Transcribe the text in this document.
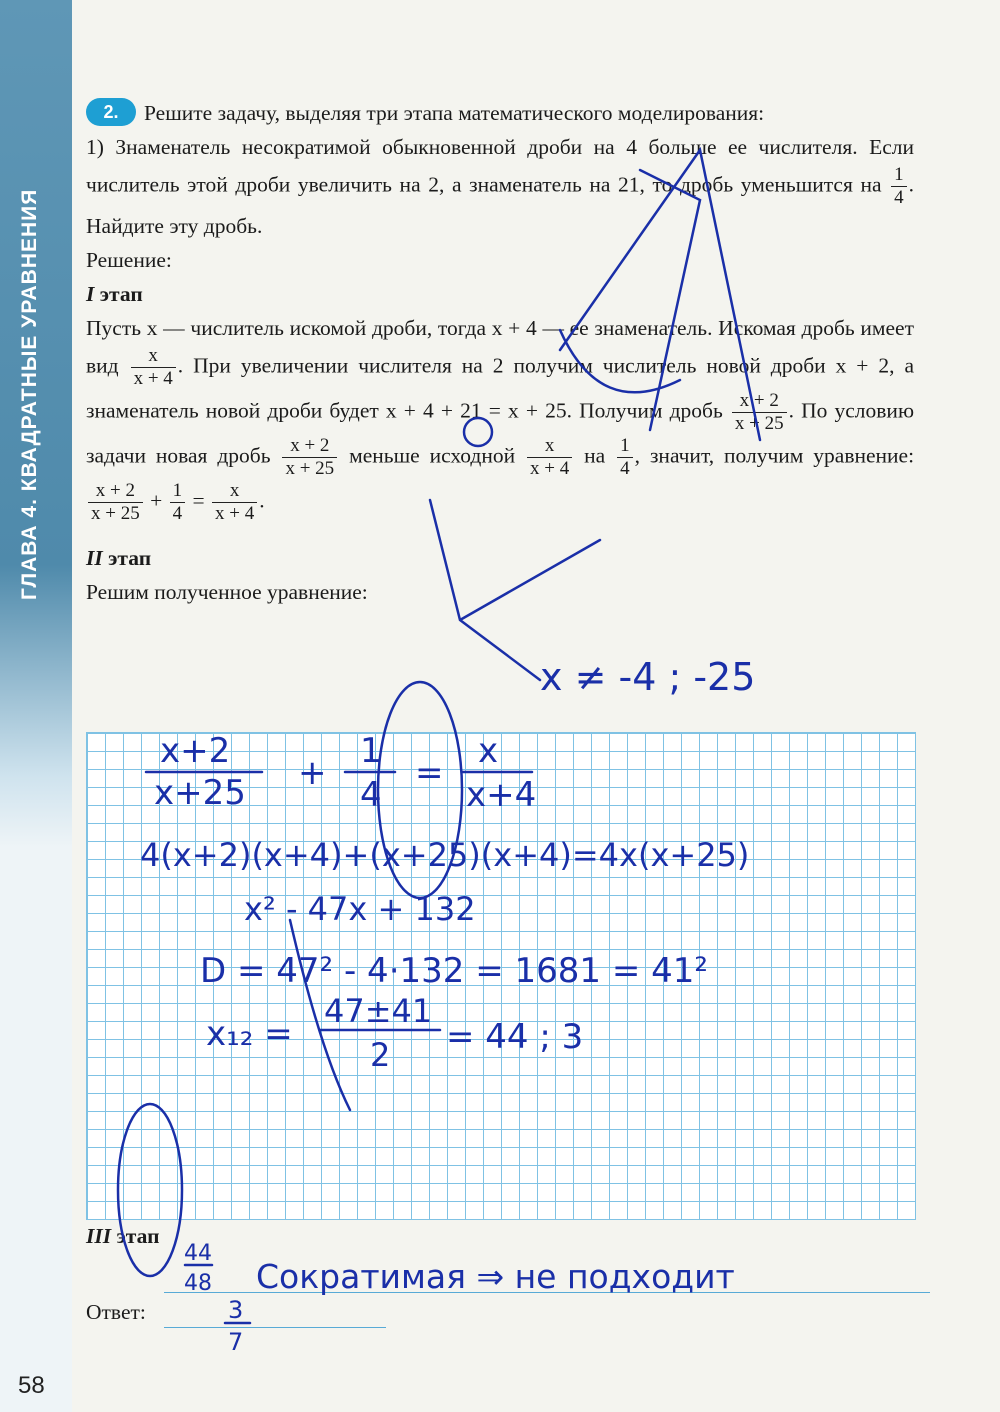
ГЛАВА 4. КВАДРАТНЫЕ УРАВНЕНИЯ
58

2. Решите задачу, выделяя три этапа математического моделирования:

1) Знаменатель несократимой обыкновенной дроби на 4 больше ее числителя. Если числитель этой дроби увеличить на 2, а знаменатель на 21, то дробь уменьшится на $\frac{1}{4}$ . Найдите эту дробь.

Решение:

I этап

Пусть x — числитель искомой дроби, тогда x + 4 — ее знаменатель. Искомая дробь имеет вид $\frac{x}{x + 4}$ . При увеличении числителя на 2 получим числитель новой дроби x + 2, а знаменатель новой дроби будет x + 4 + 21 = x + 25. Получим дробь $\frac{x + 2}{x + 25}$ . По условию задачи новая дробь $\frac{x + 2}{x + 25}$ меньше исходной $\frac{x}{x + 4}$ на $\frac{1}{4}$ , значит, получим уравнение:
$\frac{x + 2}{x + 25} + \frac{1}{4} = \frac{x}{x + 4}$ .

II этап

Решим полученное уравнение:

III этап
Ответ:
x ≠ -4 ; -25
x+2
x+25 +
1
4
=
x
x+4
4(x+2)(x+4)+(x+25)(x+4)=4x(x+25)
x² - 47x + 132
D = 47² - 4·132 = 1681 = 41²
x₁₂ =
47±41
2 = 44 ; 3
44
48 Сократимая ⇒ не подходит
3
7
